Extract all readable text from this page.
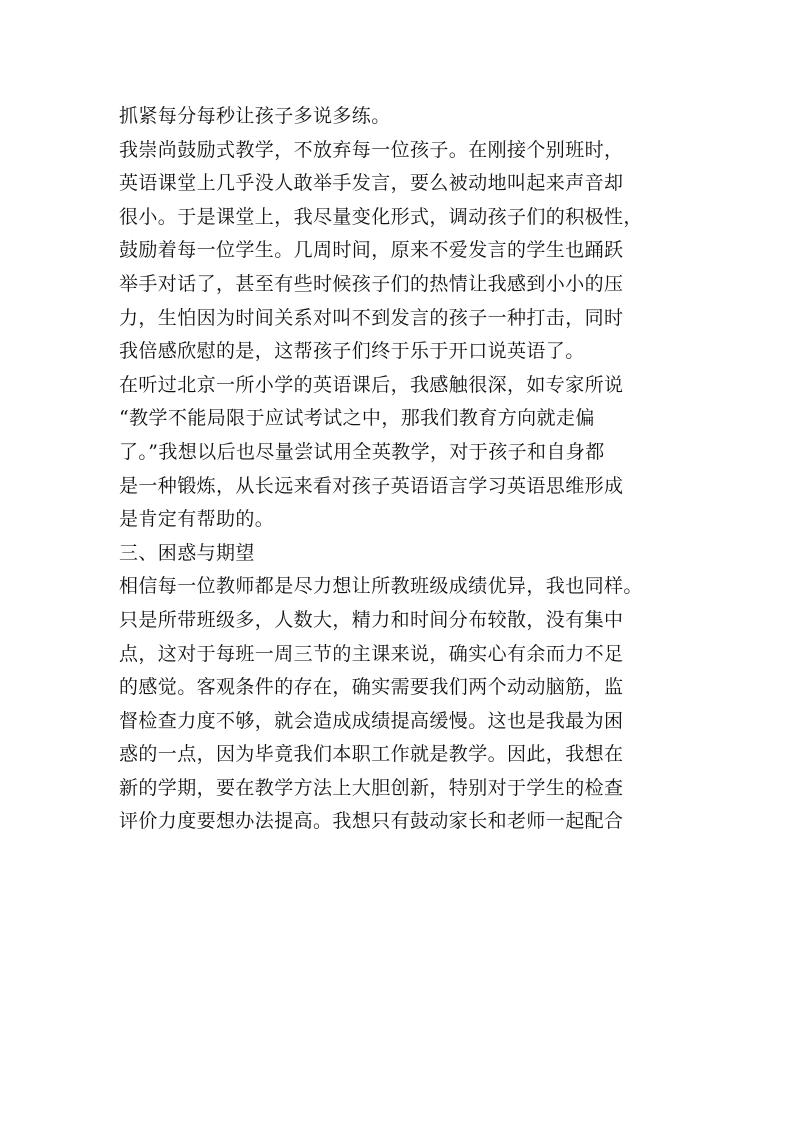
抓紧每分每秒让孩子多说多练。
我崇尚鼓励式教学，不放弃每一位孩子。在刚接个别班时，
英语课堂上几乎没人敢举手发言，要么被动地叫起来声音却
很小。于是课堂上，我尽量变化形式，调动孩子们的积极性，
鼓励着每一位学生。几周时间，原来不爱发言的学生也踊跃
举手对话了，甚至有些时候孩子们的热情让我感到小小的压
力，生怕因为时间关系对叫不到发言的孩子一种打击，同时
我倍感欣慰的是，这帮孩子们终于乐于开口说英语了。
在听过北京一所小学的英语课后，我感触很深，如专家所说
“教学不能局限于应试考试之中，那我们教育方向就走偏
了。”我想以后也尽量尝试用全英教学，对于孩子和自身都
是一种锻炼，从长远来看对孩子英语语言学习英语思维形成
是肯定有帮助的。
三、困惑与期望
相信每一位教师都是尽力想让所教班级成绩优异，我也同样。
只是所带班级多，人数大，精力和时间分布较散，没有集中
点，这对于每班一周三节的主课来说，确实心有余而力不足
的感觉。客观条件的存在，确实需要我们两个动动脑筋，监
督检查力度不够，就会造成成绩提高缓慢。这也是我最为困
惑的一点，因为毕竟我们本职工作就是教学。因此，我想在
新的学期，要在教学方法上大胆创新，特别对于学生的检查
评价力度要想办法提高。我想只有鼓动家长和老师一起配合
